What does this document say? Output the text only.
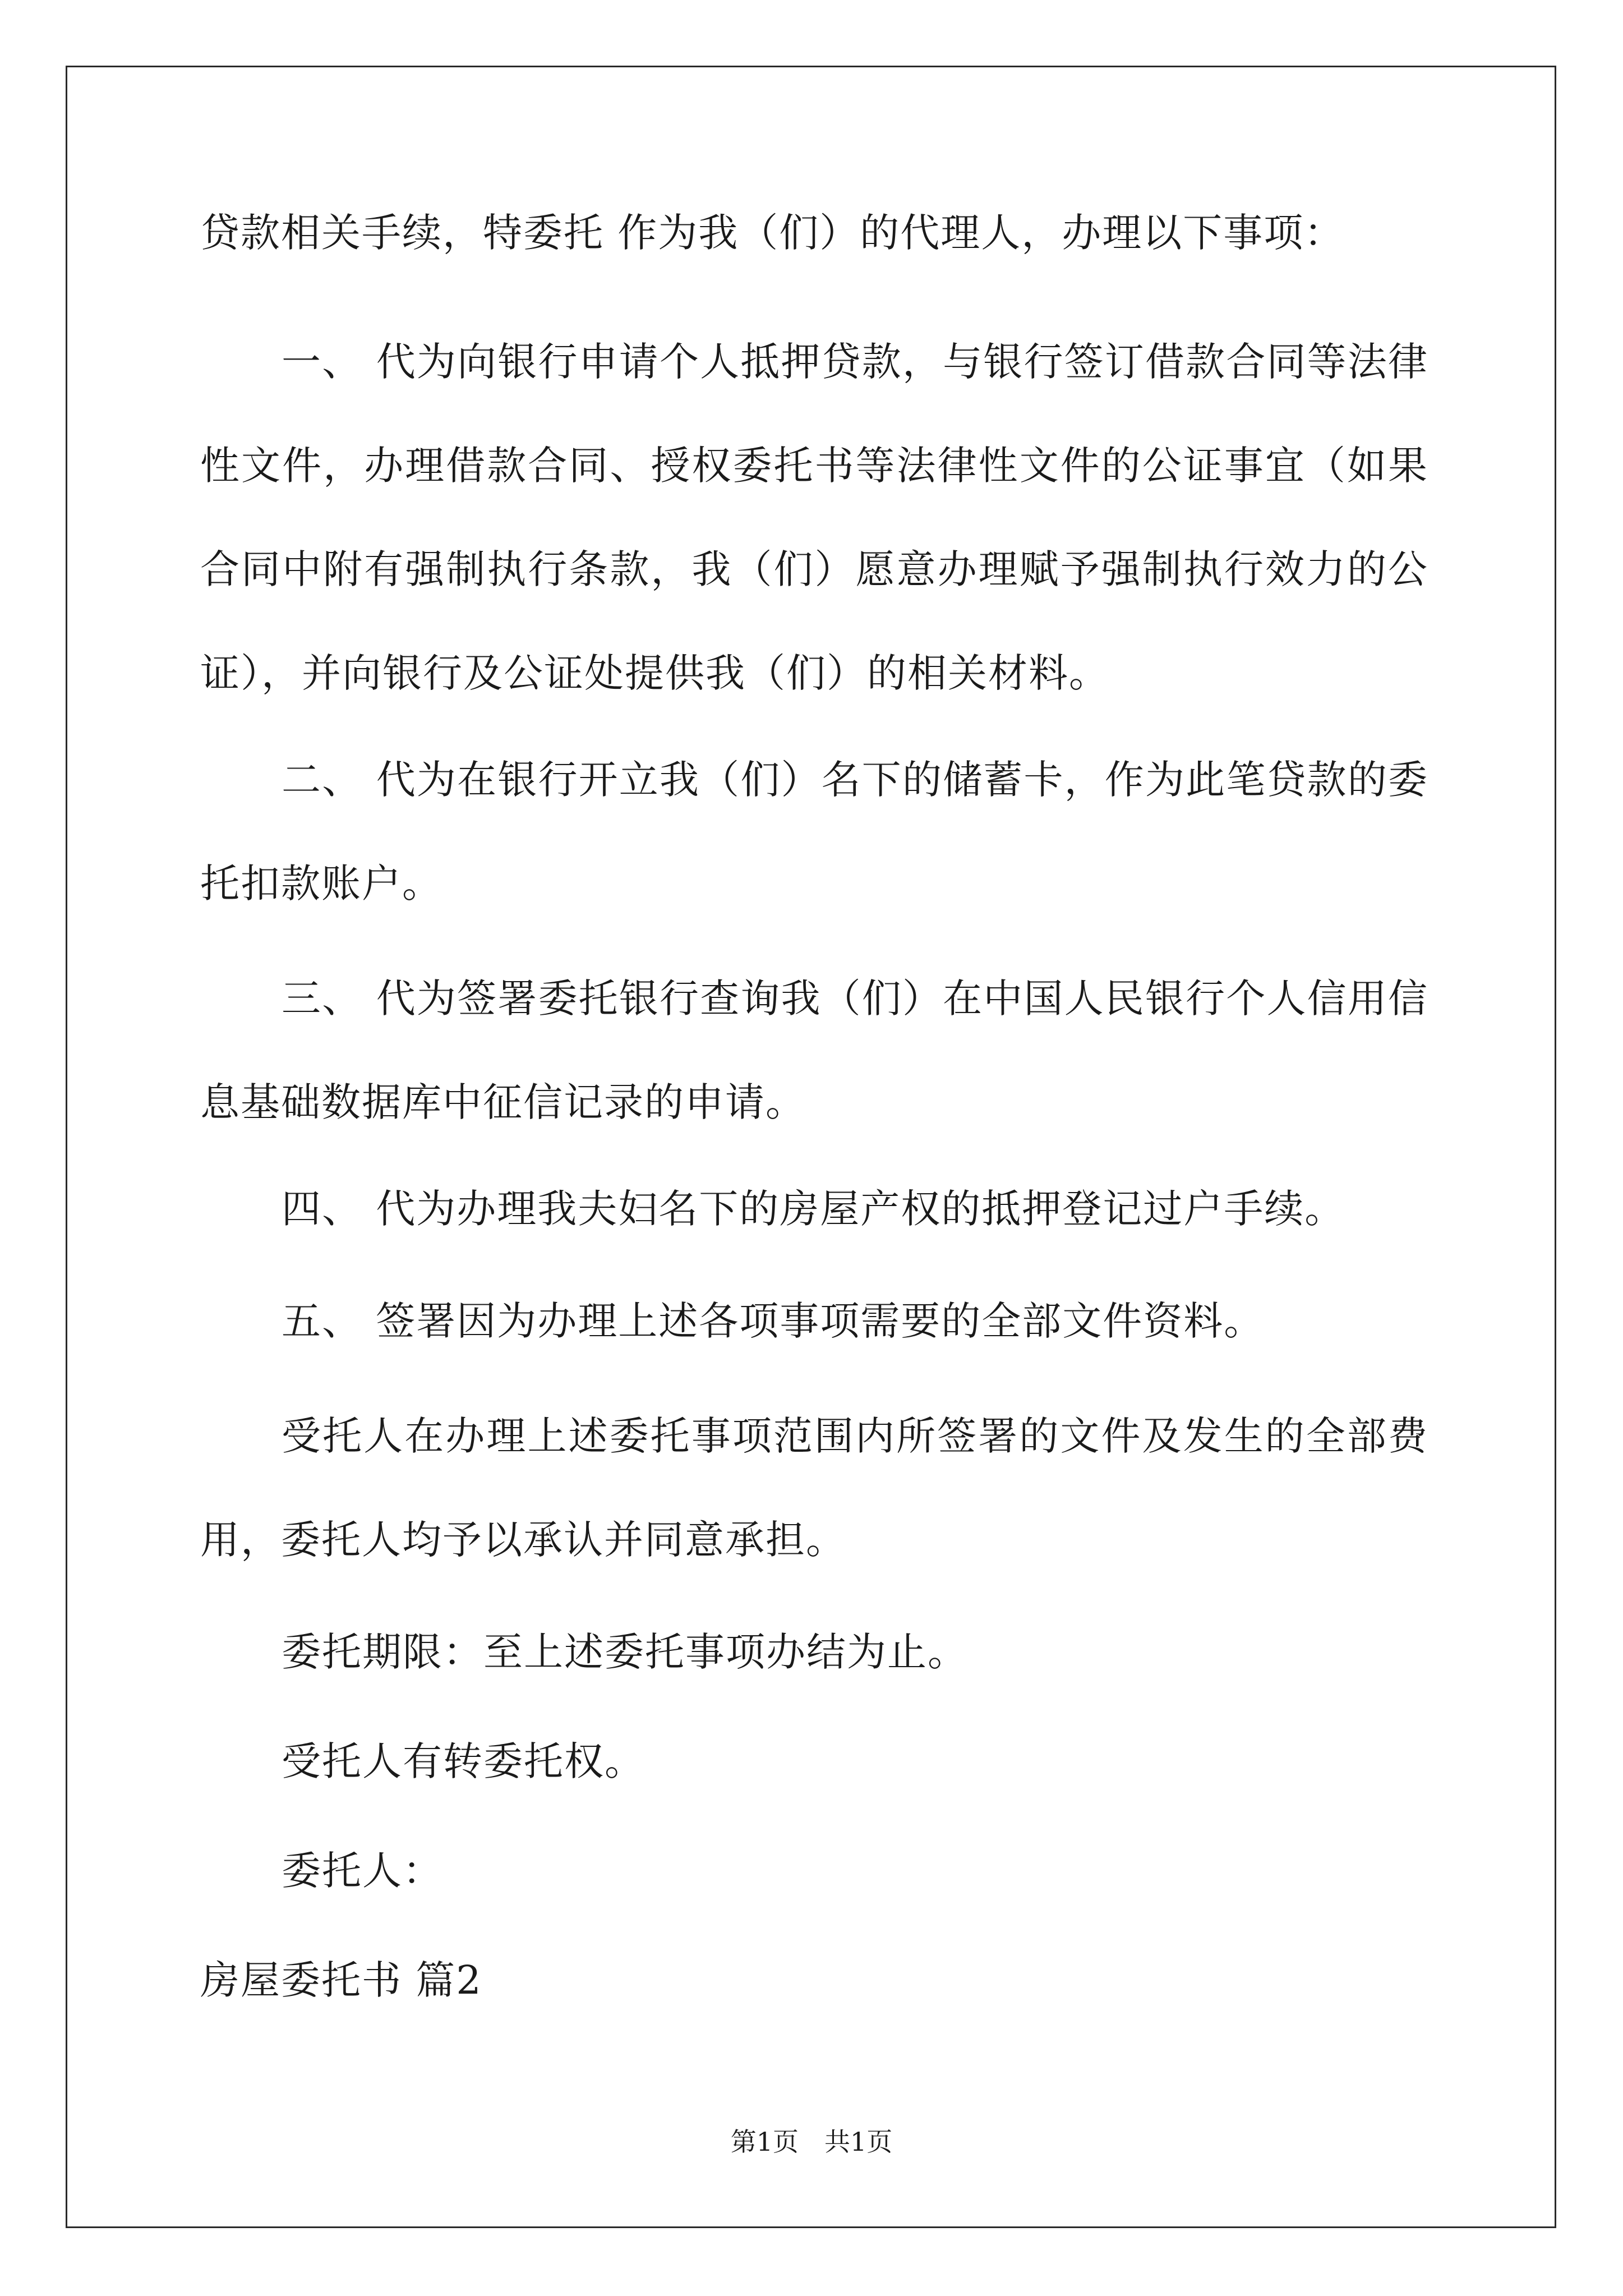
贷款相关手续，特委托 作为我（们）的代理人，办理以下事项：
一、 代为向银行申请个人抵押贷款，与银行签订借款合同等法律
性文件，办理借款合同、授权委托书等法律性文件的公证事宜（如果
合同中附有强制执行条款，我（们）愿意办理赋予强制执行效力的公
证），并向银行及公证处提供我（们）的相关材料。
二、 代为在银行开立我（们）名下的储蓄卡，作为此笔贷款的委
托扣款账户。
三、 代为签署委托银行查询我（们）在中国人民银行个人信用信
息基础数据库中征信记录的申请。
四、 代为办理我夫妇名下的房屋产权的抵押登记过户手续。
五、 签署因为办理上述各项事项需要的全部文件资料。
受托人在办理上述委托事项范围内所签署的文件及发生的全部费
用，委托人均予以承认并同意承担。
委托期限：至上述委托事项办结为止。
受托人有转委托权。
委托人：
房屋委托书 篇2
第1页　共1页
